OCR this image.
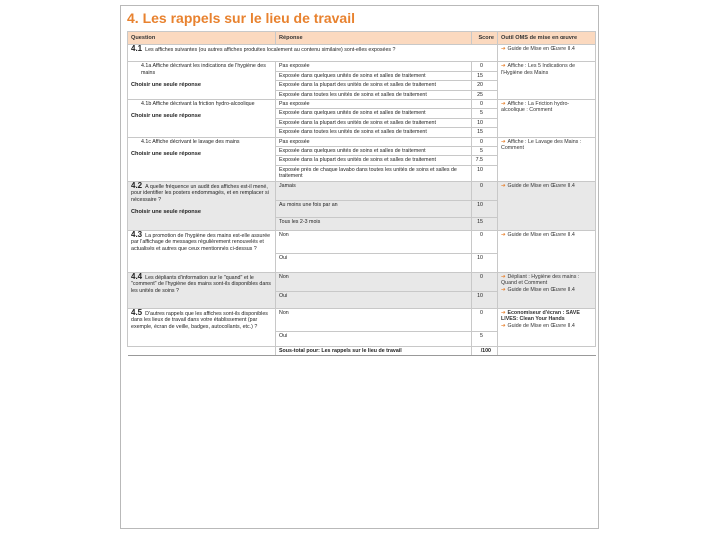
4. Les rappels sur le lieu de travail
Question	Réponse	Score	Outil OMS de mise en œuvre
4.1 Les affiches suivantes (ou autres affiches produites localement au contenu similaire) sont-elles exposées ?			➔ Guide de Mise en Œuvre II.4

4.1a Affiche décrivant les indications de l'hygiène des mains
Choisir une seule réponse	Pas exposée	0	➔ Affiche : Les 5 Indications de l'Hygiène des Mains
	Exposée dans quelques unités de soins et salles de traitement	15	
	Exposée dans la plupart des unités de soins et salles de traitement	20	
	Exposée dans toutes les unités de soins et salles de traitement	25	

4.1b Affiche décrivant la friction hydro-alcoolique
Choisir une seule réponse	Pas exposée	0	➔ Affiche : La Friction hydro-alcoolique : Comment
	Exposée dans quelques unités de soins et salles de traitement	5	
	Exposée dans la plupart des unités de soins et salles de traitement	10	
	Exposée dans toutes les unités de soins et salles de traitement	15	

4.1c Affiche décrivant le lavage des mains
Choisir une seule réponse	Pas exposée	0	➔ Affiche : Le Lavage des Mains : Comment
	Exposée dans quelques unités de soins et salles de traitement	5	
	Exposée dans la plupart des unités de soins et salles de traitement	7.5	
	Exposée près de chaque lavabo dans toutes les unités de soins et salles de traitement	10	
4.2 A quelle fréquence un audit des affiches est-il mené, pour identifier les posters endommagés, et en remplacer si nécessaire ?
Choisir une seule réponse	Jamais	0	➔ Guide de Mise en Œuvre II.4
	Au moins une fois par an	10	
	Tous les 2-3 mois	15	
4.3 La promotion de l'hygiène des mains est-elle assurée par l'affichage de messages régulièrement renouvelés et actualisés et autres que ceux mentionnés ci-dessus ?	Non	0	➔ Guide de Mise en Œuvre II.4
	Oui	10	
4.4 Les dépliants d'information sur le "quand" et le "comment" de l'hygiène des mains sont-ils disponibles dans les unités de soins ?	Non	0	➔ Dépliant : Hygiène des mains : Quand et Comment
➔ Guide de Mise en Œuvre II.4
	Oui	10	
4.5 D'autres rappels que les affiches sont-ils disponibles dans les lieux de travail dans votre établissement (par exemple, écran de veille, badges, autocollants, etc.) ?	Non	0	➔ Economiseur d'écran : SAVE LIVES: Clean Your Hands
➔ Guide de Mise en Œuvre II.4
	Oui	5	
	Sous-total pour: Les rappels sur le lieu de travail	/100	
